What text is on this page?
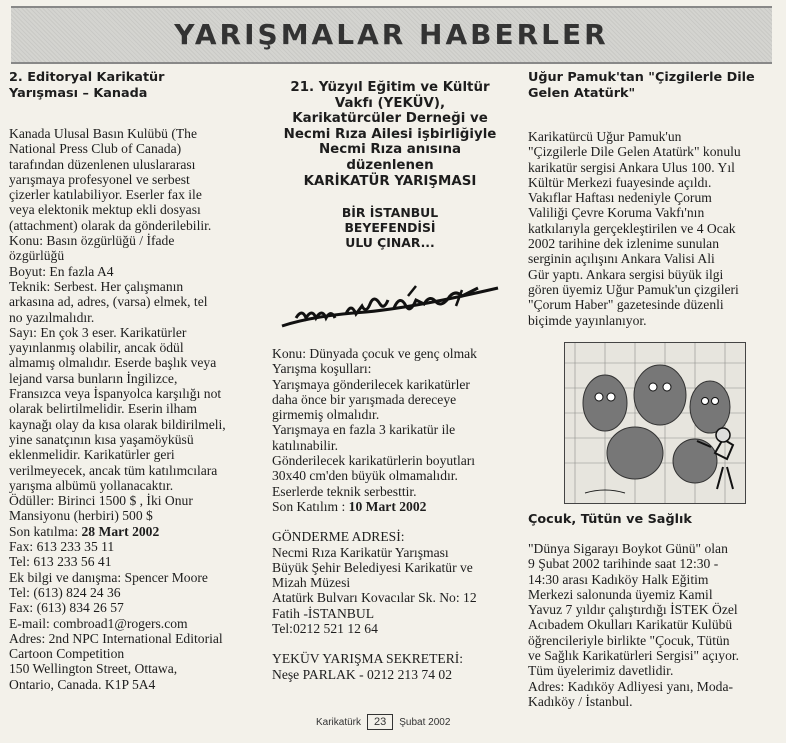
YARIŞMALAR HABERLER

2. Editoryal Karikatür

Yarışması – Kanada

Kanada Ulusal Basın Kulübü (The

National Press Club of Canada)

tarafından düzenlenen uluslararası

yarışmaya profesyonel ve serbest

çizerler katılabiliyor. Eserler fax ile

veya elektonik mektup ekli dosyası

(attachment) olarak da gönderilebilir.

Konu: Basın özgürlüğü / İfade

özgürlüğü

Boyut: En fazla A4

Teknik: Serbest. Her çalışmanın

arkasına ad, adres, (varsa) elmek, tel

no yazılmalıdır.

Sayı: En çok 3 eser. Karikatürler

yayınlanmış olabilir, ancak ödül

almamış olmalıdır. Eserde başlık veya

lejand varsa bunların İngilizce,

Fransızca veya İspanyolca karşılığı not

olarak belirtilmelidir. Eserin ilham

kaynağı olay da kısa olarak bildirilmeli,

yine sanatçının kısa yaşamöyküsü

eklenmelidir. Karikatürler geri

verilmeyecek, ancak tüm katılımcılara

yarışma albümü yollanacaktır.

Ödüller: Birinci 1500 $ , İki Onur

Mansiyonu (herbiri) 500 $

Son katılma: 28 Mart 2002

Fax: 613 233 35 11

Tel: 613 233 56 41

Ek bilgi ve danışma: Spencer Moore

Tel: (613) 824 24 36

Fax: (613) 834 26 57

E-mail: combroad1@rogers.com

Adres: 2nd NPC International Editorial

Cartoon Competition

150 Wellington Street, Ottawa,

Ontario, Canada. K1P 5A4

21. Yüzyıl Eğitim ve Kültür
Vakfı (YEKÜV),
Karikatürcüler Derneği ve
Necmi Rıza Ailesi işbirliğiyle
Necmi Rıza anısına
düzenlenen
KARİKATÜR YARIŞMASI
BİR İSTANBUL
BEYEFENDİSİ
ULU ÇINAR...

Konu: Dünyada çocuk ve genç olmak

Yarışma koşulları:

Yarışmaya gönderilecek karikatürler

daha önce bir yarışmada dereceye

girmemiş olmalıdır.

Yarışmaya en fazla 3 karikatür ile

katılınabilir.

Gönderilecek karikatürlerin boyutları

30x40 cm'den büyük olmamalıdır.

Eserlerde teknik serbesttir.

Son Katılım : 10 Mart 2002

GÖNDERME ADRESİ:

Necmi Rıza Karikatür Yarışması

Büyük Şehir Belediyesi Karikatür ve

Mizah Müzesi

Atatürk Bulvarı Kovacılar Sk. No: 12

Fatih -İSTANBUL

Tel:0212 521 12 64

YEKÜV YARIŞMA SEKRETERİ:

Neşe PARLAK - 0212 213 74 02

Uğur Pamuk'tan "Çizgilerle Dile

Gelen Atatürk"

Karikatürcü Uğur Pamuk'un

"Çizgilerle Dile Gelen Atatürk" konulu

karikatür sergisi Ankara Ulus 100. Yıl

Kültür Merkezi fuayesinde açıldı.

Vakıflar Haftası nedeniyle Çorum

Valiliği Çevre Koruma Vakfı'nın

katkılarıyla gerçekleştirilen ve 4 Ocak

2002 tarihine dek izlenime sunulan

serginin açılışını Ankara Valisi Ali

Gür yaptı. Ankara sergisi büyük ilgi

gören üyemiz Uğur Pamuk'un çizgileri

"Çorum Haber" gazetesinde düzenli

biçimde yayınlanıyor.

Çocuk, Tütün ve Sağlık

"Dünya Sigarayı Boykot Günü" olan

9 Şubat 2002 tarihinde saat 12:30 -

14:30 arası Kadıköy Halk Eğitim

Merkezi salonunda üyemiz Kamil

Yavuz 7 yıldır çalıştırdığı İSTEK Özel

Acıbadem Okulları Karikatür Kulübü

öğrencileriyle birlikte "Çocuk, Tütün

ve Sağlık Karikatürleri Sergisi" açıyor.

Tüm üyelerimiz davetlidir.

Adres: Kadıköy Adliyesi yanı, Moda-

Kadıköy / İstanbul.

Karikatürk	23	Şubat 2002
